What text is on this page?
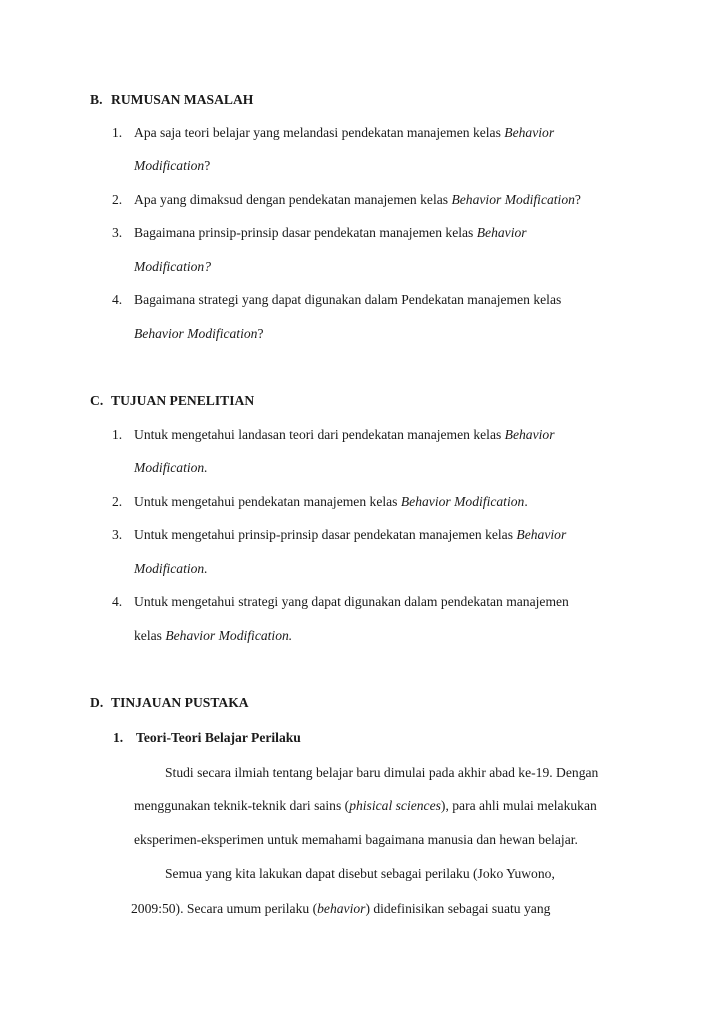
B. RUMUSAN MASALAH
1. Apa saja teori belajar yang melandasi pendekatan manajemen kelas Behavior
Modification?
2. Apa yang dimaksud dengan pendekatan manajemen kelas Behavior Modification?
3. Bagaimana prinsip-prinsip dasar pendekatan manajemen kelas Behavior
Modification?
4. Bagaimana strategi yang dapat digunakan dalam Pendekatan manajemen kelas
Behavior Modification?
C. TUJUAN PENELITIAN
1. Untuk mengetahui landasan teori dari pendekatan manajemen kelas Behavior
Modification.
2. Untuk mengetahui pendekatan manajemen kelas Behavior Modification.
3. Untuk mengetahui prinsip-prinsip dasar pendekatan manajemen kelas Behavior
Modification.
4. Untuk mengetahui strategi yang dapat digunakan dalam pendekatan manajemen
kelas Behavior Modification.
D. TINJAUAN PUSTAKA
1. Teori-Teori Belajar Perilaku
Studi secara ilmiah tentang belajar baru dimulai pada akhir abad ke-19. Dengan
menggunakan teknik-teknik dari sains (phisical sciences), para ahli mulai melakukan
eksperimen-eksperimen untuk memahami bagaimana manusia dan hewan belajar.
Semua yang kita lakukan dapat disebut sebagai perilaku (Joko Yuwono,
2009:50). Secara umum perilaku (behavior) didefinisikan sebagai suatu yang
